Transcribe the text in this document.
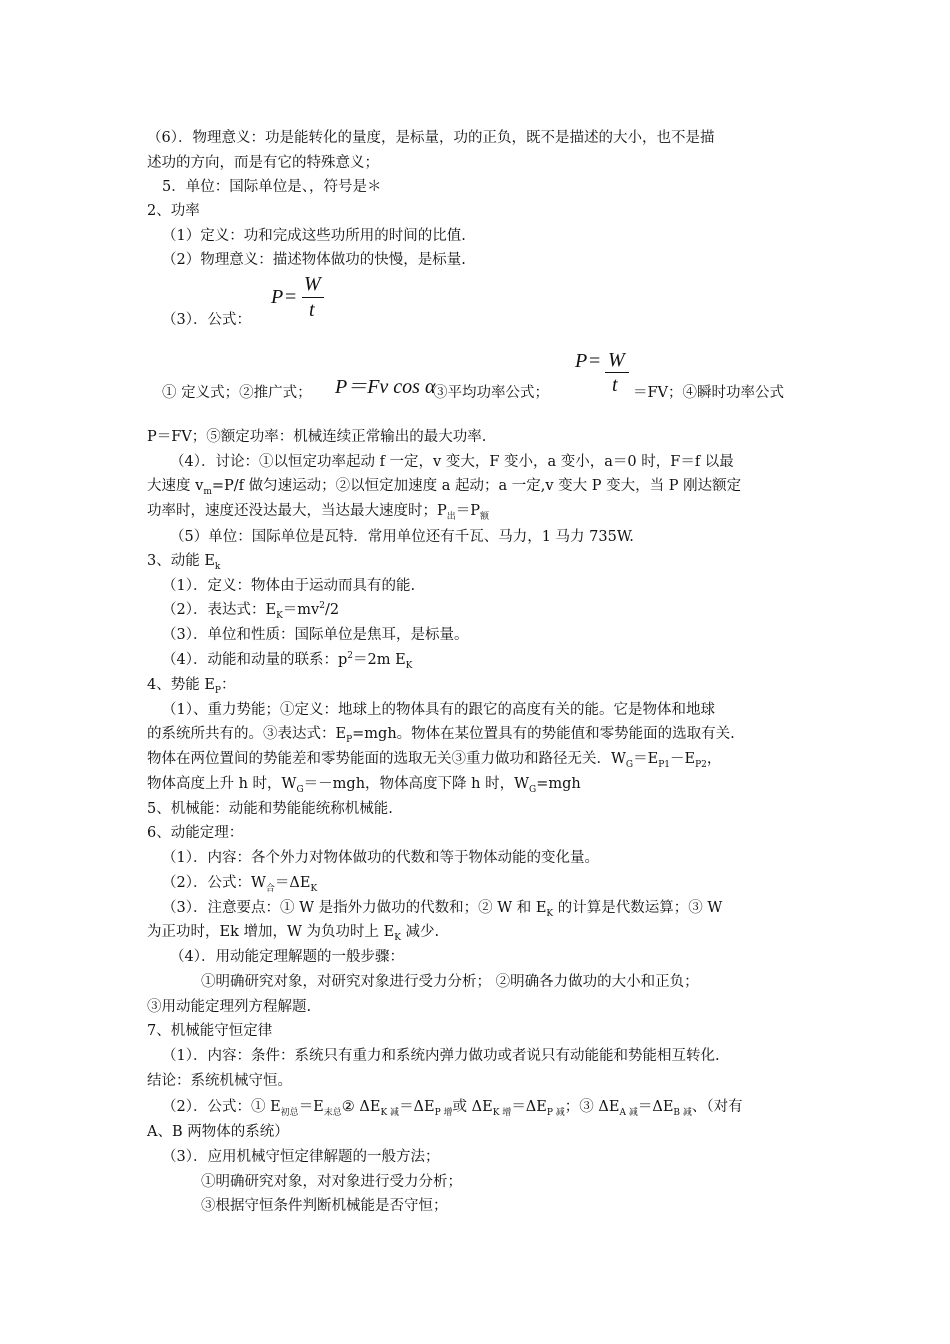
（6）．物理意义：功是能转化的量度，是标量，功的正负，既不是描述的大小，也不是描
述功的方向，而是有它的特殊意义；
5．单位：国际单位是、，符号是＊
2、功率
（1）定义：功和完成这些功所用的时间的比值.
（2）物理意义：描述物体做功的快慢，是标量.
P =
W
t
（3）．公式：
P = W
t
① 定义式；②推广式； P＝Fv cos α
③平均功率公式；	＝FV；④瞬时功率公式
P＝FV；⑤额定功率：机械连续正常输出的最大功率.
（4）．讨论：①以恒定功率起动 f 一定，v 变大，F 变小，a 变小，a＝0 时，F＝f 以最
大速度 $v_m=P/f$ 做匀速运动；②以恒定加速度 a 起动；a 一定,v 变大 P 变大，当 P 刚达额定
功率时，速度还没达最大，当达最大速度时；$P_出=P_额$
（5）单位：国际单位是瓦特．常用单位还有千瓦、马力，1 马力 735W.
3、动能 $E_k$
（1）．定义：物体由于运动而具有的能.
（2）．表达式：$E_K=mv^2/2$
（3）．单位和性质：国际单位是焦耳，是标量。
（4）．动能和动量的联系：$p^2=2m$ $E_K$
4、势能 $E_P$：
（1）、重力势能；①定义：地球上的物体具有的跟它的高度有关的能。它是物体和地球
的系统所共有的。③表达式：$E_P=mgh$。物体在某位置具有的势能值和零势能面的选取有关.
物体在两位置间的势能差和零势能面的选取无关③重力做功和路径无关．$W_G=E_{P1}-E_{P2}$，
物体高度上升 h 时，$W_G=-mgh$，物体高度下降 h 时，$W_G=mgh$
5、机械能：动能和势能能统称机械能.
6、动能定理：
（1）．内容：各个外力对物体做功的代数和等于物体动能的变化量。
（2）．公式：$W_合=\Delta E_K$
（3）．注意要点：① W 是指外力做功的代数和；② W 和 $E_K$ 的计算是代数运算；③ W
为正功时，Ek 增加，W 为负功时上 $E_K$ 减少.
（4）．用动能定理解题的一般步骤：
①明确研究对象，对研究对象进行受力分析； ②明确各力做功的大小和正负；
③用动能定理列方程解题.
7、机械能守恒定律
（1）．内容：条件：系统只有重力和系统内弹力做功或者说只有动能能和势能相互转化.
结论：系统机械守恒。
（2）．公式：① $E_{初总}=E_{末总}②$ $\Delta E_{K 减}=\Delta E_{P 增}$或 $\Delta E_{K 增}=\Delta E_{P 减}$；③ $\Delta E_{A 减}=\Delta E_{B 减}$、（对有
A、B 两物体的系统）
（3）．应用机械守恒定律解题的一般方法；
①明确研究对象，对对象进行受力分析；
③根据守恒条件判断机械能是否守恒；
